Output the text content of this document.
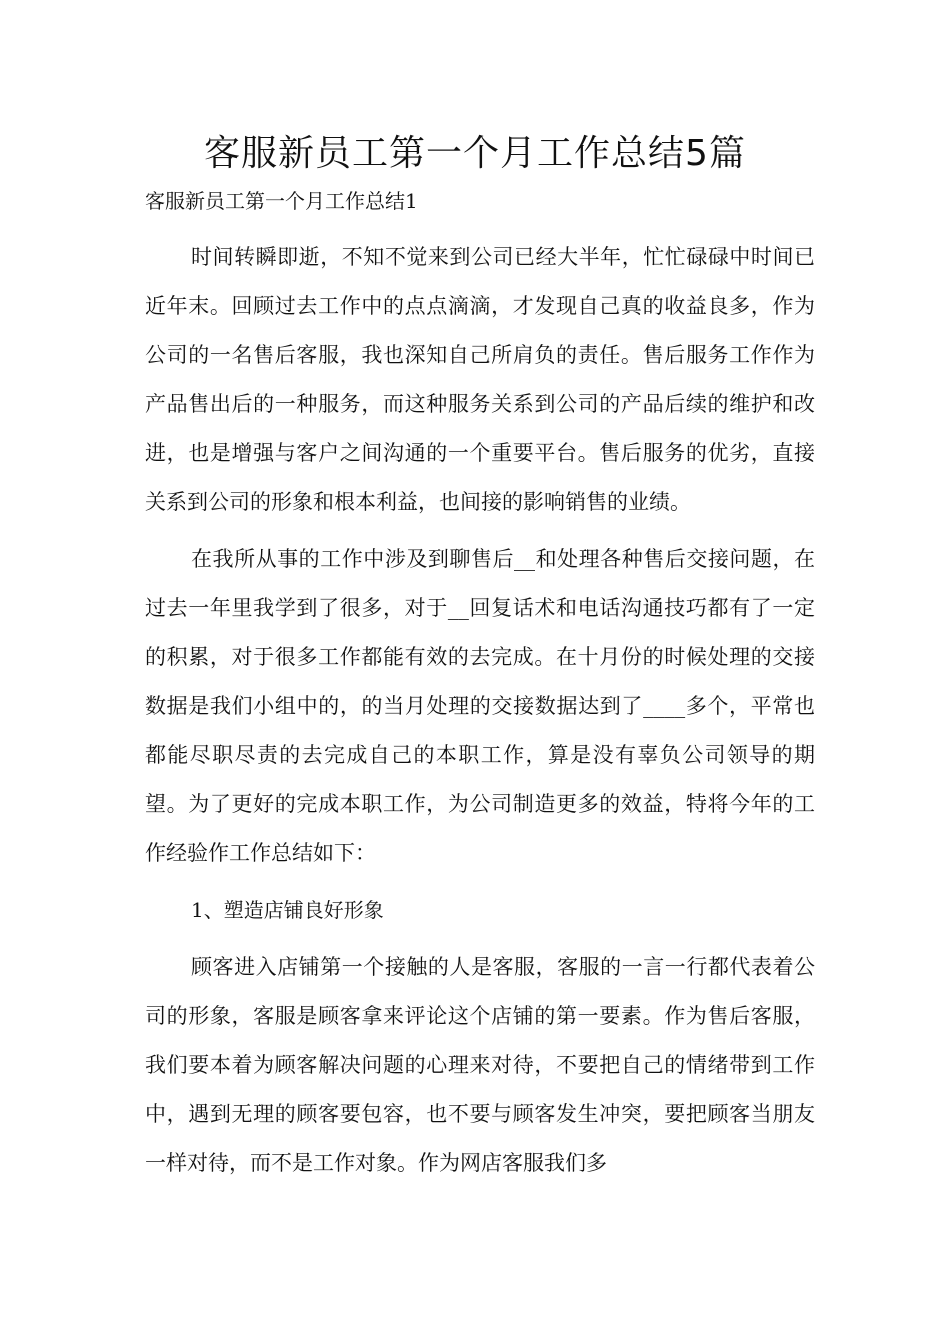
客服新员工第一个月工作总结5篇

客服新员工第一个月工作总结1

时间转瞬即逝，不知不觉来到公司已经大半年，忙忙碌碌中时间已近年末。回顾过去工作中的点点滴滴，才发现自己真的收益良多，作为公司的一名售后客服，我也深知自己所肩负的责任。售后服务工作作为产品售出后的一种服务，而这种服务关系到公司的产品后续的维护和改进，也是增强与客户之间沟通的一个重要平台。售后服务的优劣，直接关系到公司的形象和根本利益，也间接的影响销售的业绩。

在我所从事的工作中涉及到聊售后__和处理各种售后交接问题，在过去一年里我学到了很多，对于__回复话术和电话沟通技巧都有了一定的积累，对于很多工作都能有效的去完成。在十月份的时候处理的交接数据是我们小组中的，的当月处理的交接数据达到了____多个，平常也都能尽职尽责的去完成自己的本职工作，算是没有辜负公司领导的期望。为了更好的完成本职工作，为公司制造更多的效益，特将今年的工作经验作工作总结如下：

1、塑造店铺良好形象

顾客进入店铺第一个接触的人是客服，客服的一言一行都代表着公司的形象，客服是顾客拿来评论这个店铺的第一要素。作为售后客服，我们要本着为顾客解决问题的心理来对待，不要把自己的情绪带到工作中，遇到无理的顾客要包容，也不要与顾客发生冲突，要把顾客当朋友一样对待，而不是工作对象。作为网店客服我们多
